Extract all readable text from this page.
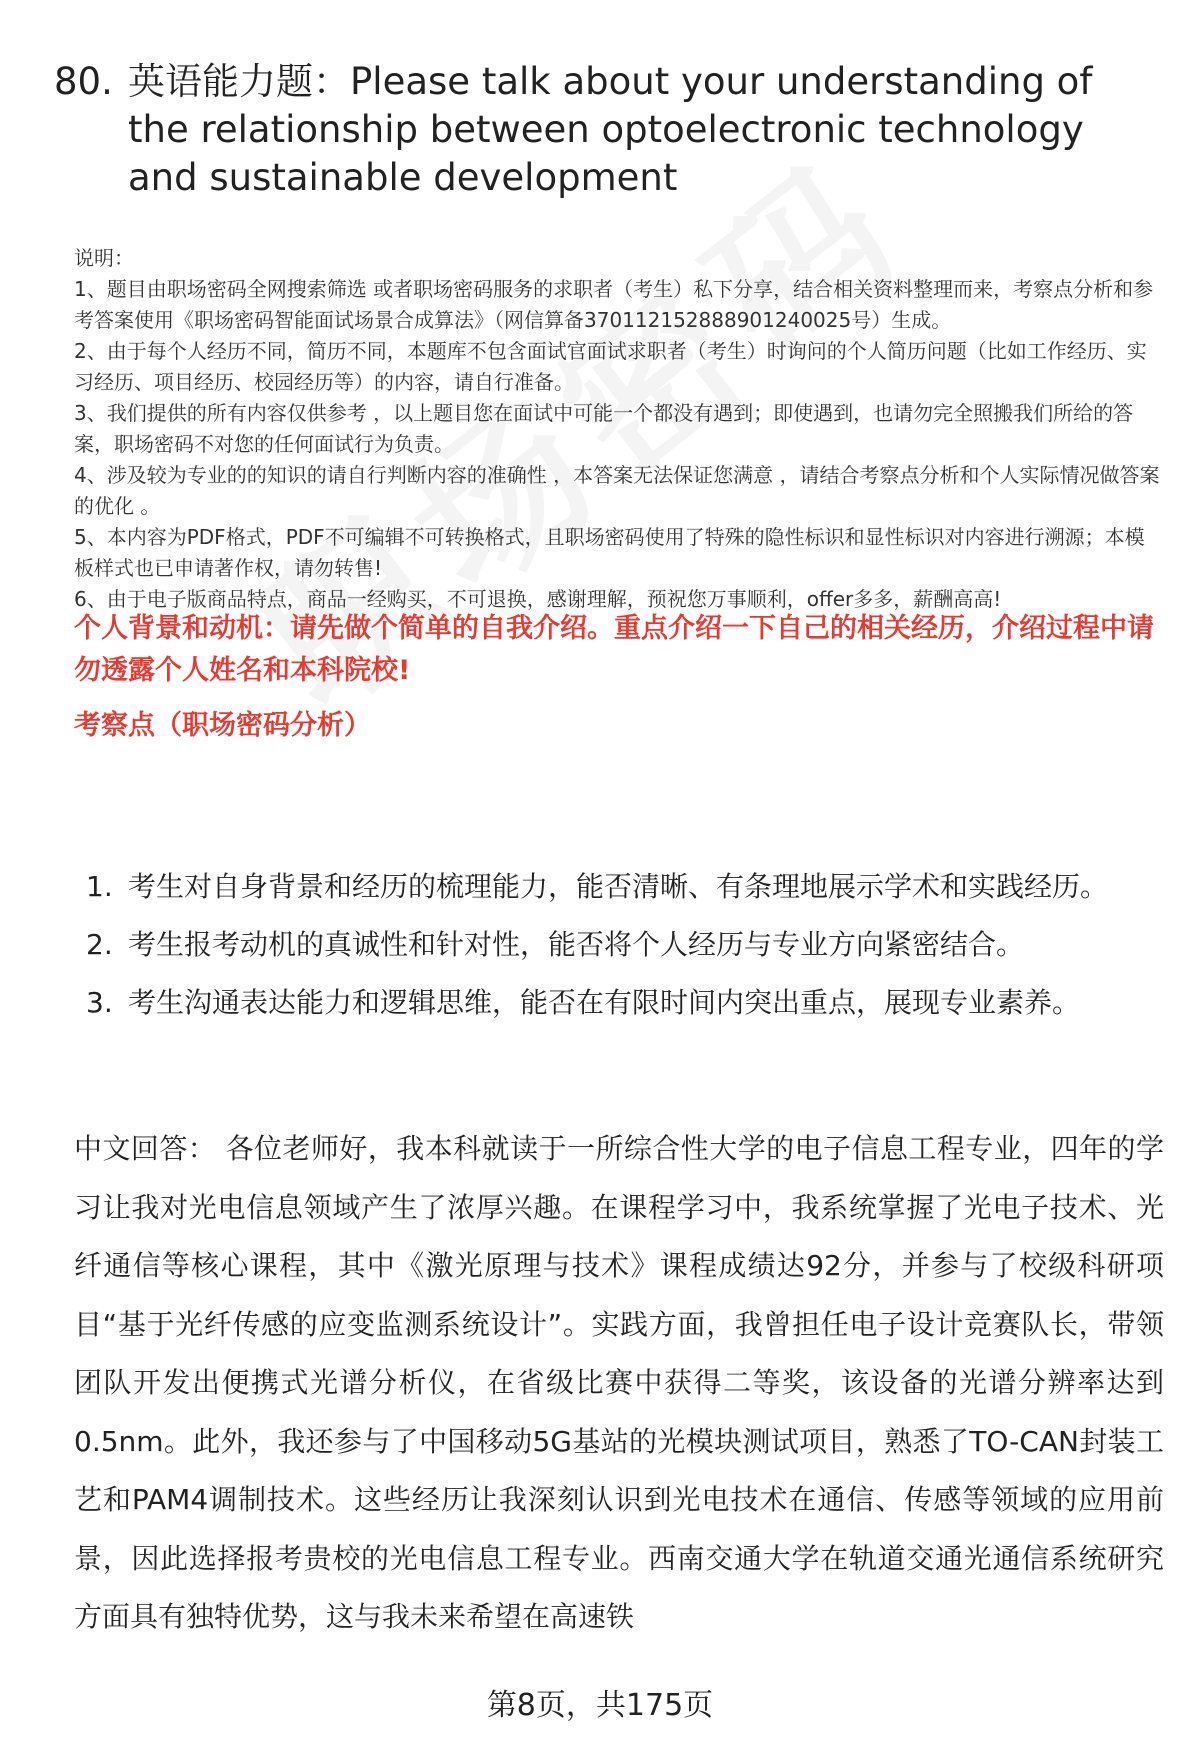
80. 英语能力题：Please talk about your understanding of the relationship between optoelectronic technology and sustainable development

说明：

1、题目由职场密码全网搜索筛选 或者职场密码服务的求职者（考生）私下分享，结合相关资料整理而来，考察点分析和参考答案使用《职场密码智能面试场景合成算法》（网信算备370112152888901240025号）生成。

2、由于每个人经历不同，简历不同，本题库不包含面试官面试求职者（考生）时询问的个人简历问题（比如工作经历、实习经历、项目经历、校园经历等）的内容，请自行准备。

3、我们提供的所有内容仅供参考 ，以上题目您在面试中可能一个都没有遇到；即使遇到，也请勿完全照搬我们所给的答案，职场密码不对您的任何面试行为负责。

4、涉及较为专业的的知识的请自行判断内容的准确性 ，本答案无法保证您满意 ，请结合考察点分析和个人实际情况做答案的优化 。

5、本内容为PDF格式，PDF不可编辑不可转换格式，且职场密码使用了特殊的隐性标识和显性标识对内容进行溯源；本模板样式也已申请著作权，请勿转售!

6、由于电子版商品特点，商品一经购买，不可退换，感谢理解，预祝您万事顺利，offer多多，薪酬高高!

个人背景和动机：请先做个简单的自我介绍。重点介绍一下自己的相关经历，介绍过程中请勿透露个人姓名和本科院校!
考察点（职场密码分析）
1. 考生对自身背景和经历的梳理能力，能否清晰、有条理地展示学术和实践经历。
2. 考生报考动机的真诚性和针对性，能否将个人经历与专业方向紧密结合。
3. 考生沟通表达能力和逻辑思维，能否在有限时间内突出重点，展现专业素养。
中文回答： 各位老师好，我本科就读于一所综合性大学的电子信息工程专业，四年的学习让我对光电信息领域产生了浓厚兴趣。在课程学习中，我系统掌握了光电子技术、光纤通信等核心课程，其中《激光原理与技术》课程成绩达92分，并参与了校级科研项目“基于光纤传感的应变监测系统设计”。实践方面，我曾担任电子设计竞赛队长，带领团队开发出便携式光谱分析仪，在省级比赛中获得二等奖，该设备的光谱分辨率达到0.5nm。此外，我还参与了中国移动5G基站的光模块测试项目，熟悉了TO-CAN封装工艺和PAM4调制技术。这些经历让我深刻认识到光电技术在通信、传感等领域的应用前景，因此选择报考贵校的光电信息工程专业。西南交通大学在轨道交通光通信系统研究方面具有独特优势，这与我未来希望在高速铁
第8页，共175页
